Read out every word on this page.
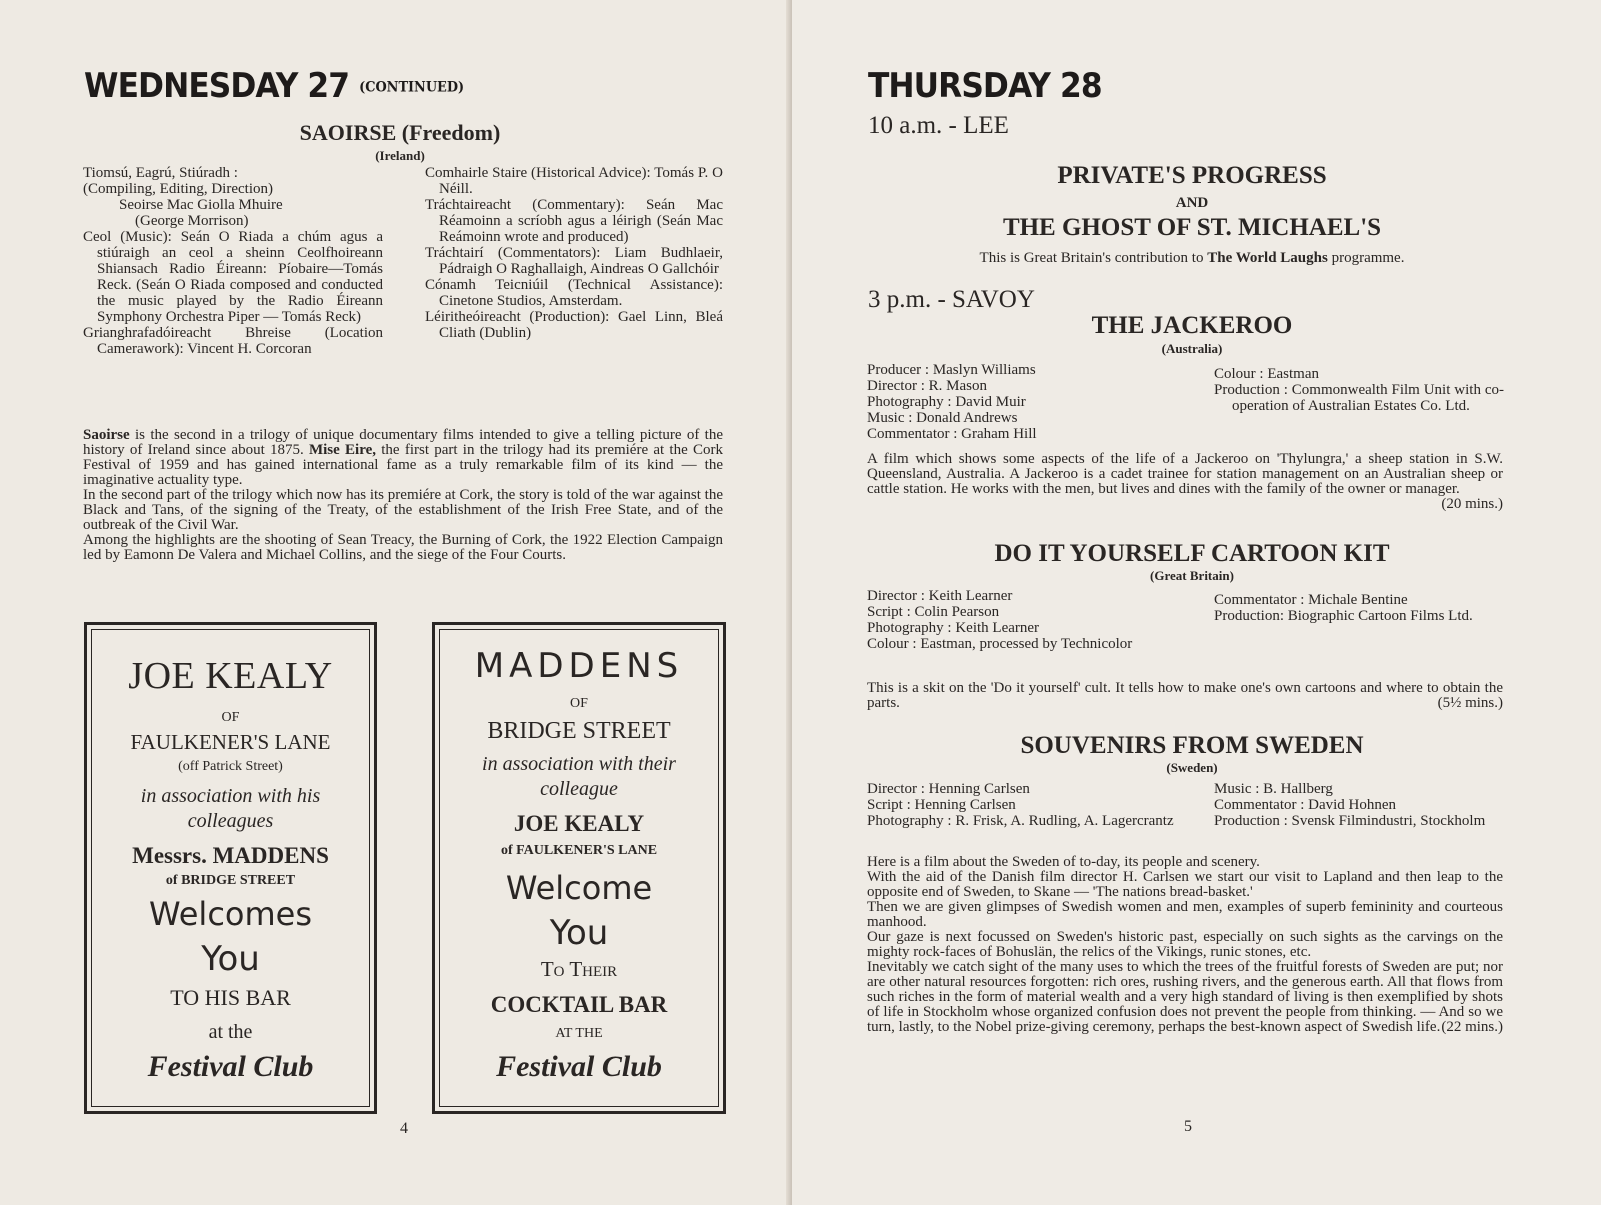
WEDNESDAY 27 (CONTINUED)
SAOIRSE (Freedom)
(Ireland)

Tiomsú, Eagrú, Stiúradh :

(Compiling, Editing, Direction)

Seoirse Mac Giolla Mhuire

(George Morrison)

Ceol (Music): Seán O Riada a chúm agus a stiúraigh an ceol a sheinn Ceolfhoireann Shiansach Radio Éireann: Píobaire—Tomás Reck. (Seán O Riada composed and conducted the music played by the Radio Éireann Symphony Orchestra Piper — Tomás Reck)

Grianghrafadóireacht Bhreise (Location Camerawork): Vincent H. Corcoran

Comhairle Staire (Historical Advice): Tomás P. O Néill.

Tráchtaireacht (Commentary): Seán Mac Réamoinn a scríobh agus a léirigh (Seán Mac Reámoinn wrote and produced)

Tráchtairí (Commentators): Liam Budhlaeir, Pádraigh O Raghallaigh, Aindreas O Gallchóir

Cónamh Teicniúil (Technical Assistance): Cinetone Studios, Amsterdam.

Léiritheóireacht (Production): Gael Linn, Bleá Cliath (Dublin)

Saoirse is the second in a trilogy of unique documentary films intended to give a telling picture of the history of Ireland since about 1875. Mise Eire, the first part in the trilogy had its premiére at the Cork Festival of 1959 and has gained international fame as a truly remarkable film of its kind — the imaginative actuality type.

In the second part of the trilogy which now has its premiére at Cork, the story is told of the war against the Black and Tans, of the signing of the Treaty, of the establishment of the Irish Free State, and of the outbreak of the Civil War.

Among the highlights are the shooting of Sean Treacy, the Burning of Cork, the 1922 Election Campaign led by Eamonn De Valera and Michael Collins, and the siege of the Four Courts.

JOE KEALY
OF
FAULKENER'S LANE
(off Patrick Street)
in association with his
colleagues
Messrs. MADDENS
of BRIDGE STREET
Welcomes
You
TO HIS BAR
at the
Festival Club
MADDENS
OF
BRIDGE STREET
in association with their
colleague
JOE KEALY
of FAULKENER'S LANE
Welcome
You
To Their
COCKTAIL BAR
AT THE
Festival Club
4
THURSDAY 28
10 a.m. - LEE
PRIVATE'S PROGRESS
AND
THE GHOST OF ST. MICHAEL'S
This is Great Britain's contribution to The World Laughs programme.
3 p.m. - SAVOY
THE JACKEROO
(Australia)

Producer : Maslyn Williams

Director : R. Mason

Photography : David Muir

Music : Donald Andrews

Commentator : Graham Hill

Colour : Eastman

Production : Commonwealth Film Unit with co-operation of Australian Estates Co. Ltd.

A film which shows some aspects of the life of a Jackeroo on 'Thylungra,' a sheep station in S.W. Queensland, Australia. A Jackeroo is a cadet trainee for station management on an Australian sheep or cattle station. He works with the men, but lives and dines with the family of the owner or manager.
(20 mins.)

DO IT YOURSELF CARTOON KIT
(Great Britain)

Director : Keith Learner

Script : Colin Pearson

Photography : Keith Learner

Colour : Eastman, processed by Technicolor

Commentator : Michale Bentine

Production: Biographic Cartoon Films Ltd.

This is a skit on the 'Do it yourself' cult. It tells how to make one's own cartoons and where to obtain the parts.	(5½ mins.)

SOUVENIRS FROM SWEDEN
(Sweden)

Director : Henning Carlsen

Script : Henning Carlsen

Photography : R. Frisk, A. Rudling, A. Lagercrantz

Music : B. Hallberg

Commentator : David Hohnen

Production : Svensk Filmindustri, Stockholm

Here is a film about the Sweden of to-day, its people and scenery.

With the aid of the Danish film director H. Carlsen we start our visit to Lapland and then leap to the opposite end of Sweden, to Skane — 'The nations bread-basket.'

Then we are given glimpses of Swedish women and men, examples of superb femininity and courteous manhood.

Our gaze is next focussed on Sweden's historic past, especially on such sights as the carvings on the mighty rock-faces of Bohuslän, the relics of the Vikings, runic stones, etc.

Inevitably we catch sight of the many uses to which the trees of the fruitful forests of Sweden are put; nor are other natural resources forgotten: rich ores, rushing rivers, and the generous earth. All that flows from such riches in the form of material wealth and a very high standard of living is then exemplified by shots of life in Stockholm whose organized confusion does not prevent the people from thinking. — And so we turn, lastly, to the Nobel prize-giving ceremony, perhaps the best-known aspect of Swedish life. (22 mins.)

5
